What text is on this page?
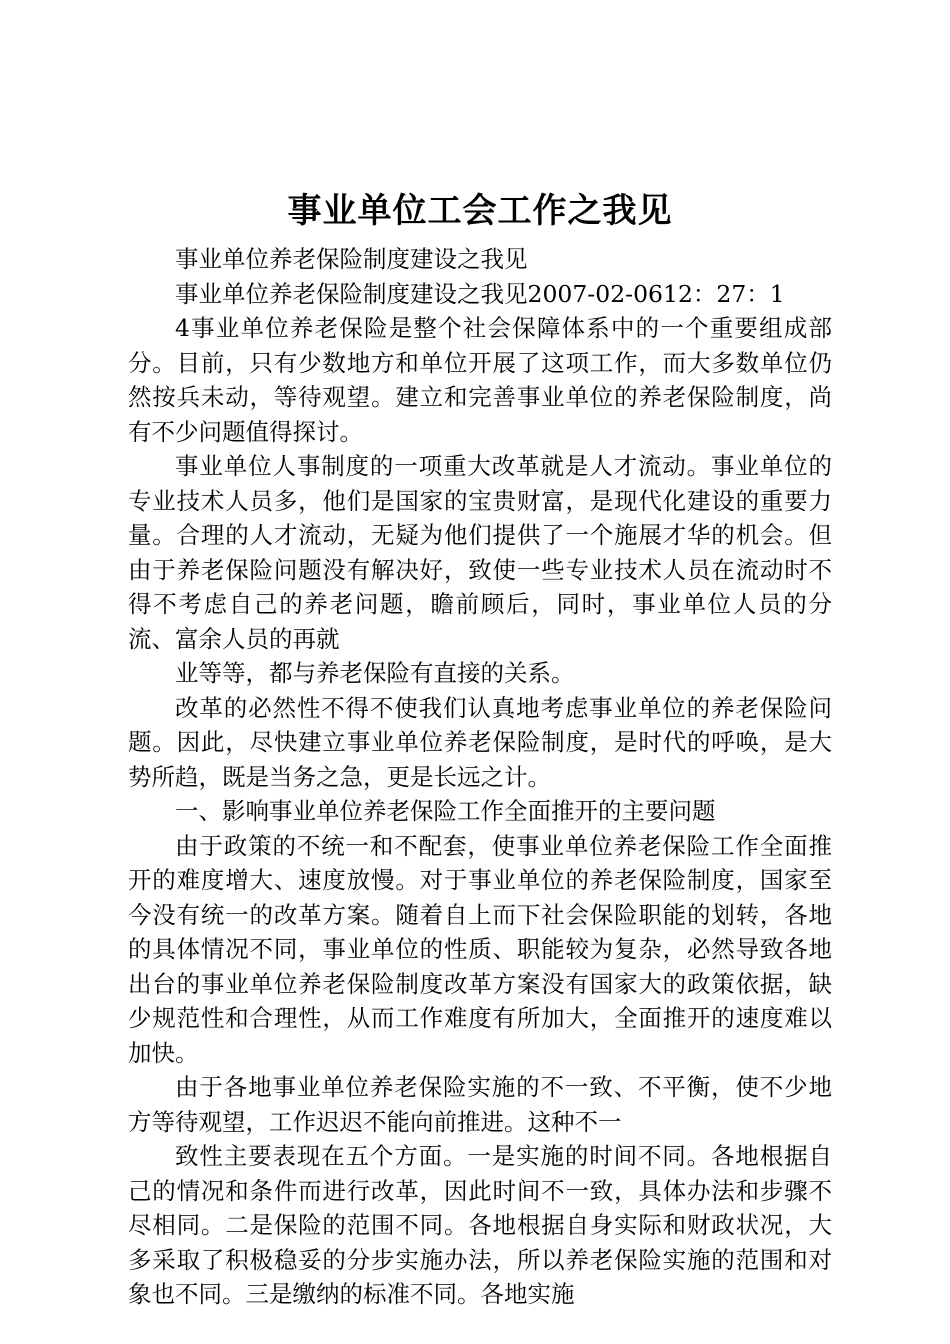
事业单位工会工作之我见

事业单位养老保险制度建设之我见

事业单位养老保险制度建设之我见2007-02-0612：27：1

4事业单位养老保险是整个社会保障体系中的一个重要组成部分。目前，只有少数地方和单位开展了这项工作，而大多数单位仍然按兵未动，等待观望。建立和完善事业单位的养老保险制度，尚有不少问题值得探讨。

事业单位人事制度的一项重大改革就是人才流动。事业单位的专业技术人员多，他们是国家的宝贵财富，是现代化建设的重要力量。合理的人才流动，无疑为他们提供了一个施展才华的机会。但由于养老保险问题没有解决好，致使一些专业技术人员在流动时不得不考虑自己的养老问题，瞻前顾后，同时，事业单位人员的分流、富余人员的再就

业等等，都与养老保险有直接的关系。

改革的必然性不得不使我们认真地考虑事业单位的养老保险问题。因此，尽快建立事业单位养老保险制度，是时代的呼唤，是大势所趋，既是当务之急，更是长远之计。

一、影响事业单位养老保险工作全面推开的主要问题

由于政策的不统一和不配套，使事业单位养老保险工作全面推开的难度增大、速度放慢。对于事业单位的养老保险制度，国家至今没有统一的改革方案。随着自上而下社会保险职能的划转，各地的具体情况不同，事业单位的性质、职能较为复杂，必然导致各地出台的事业单位养老保险制度改革方案没有国家大的政策依据，缺少规范性和合理性，从而工作难度有所加大，全面推开的速度难以加快。

由于各地事业单位养老保险实施的不一致、不平衡，使不少地方等待观望，工作迟迟不能向前推进。这种不一

致性主要表现在五个方面。一是实施的时间不同。各地根据自己的情况和条件而进行改革，因此时间不一致，具体办法和步骤不尽相同。二是保险的范围不同。各地根据自身实际和财政状况，大多采取了积极稳妥的分步实施办法，所以养老保险实施的范围和对象也不同。三是缴纳的标准不同。各地实施
